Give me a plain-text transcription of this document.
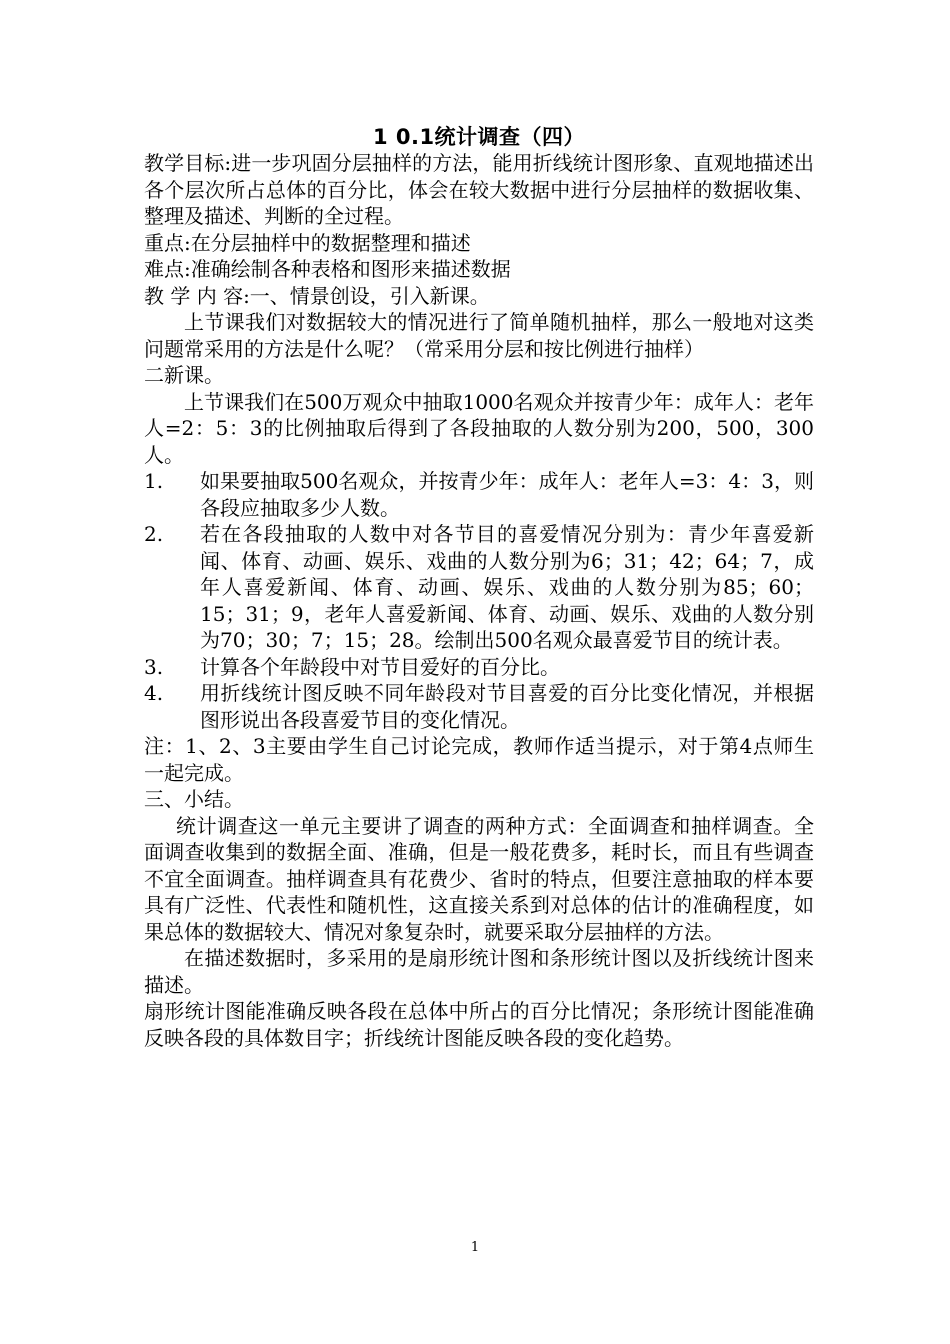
1 0.1统计调查（四）

教学目标:进一步巩固分层抽样的方法，能用折线统计图形象、直观地描述出各个层次所占总体的百分比，体会在较大数据中进行分层抽样的数据收集、整理及描述、判断的全过程。

重点:在分层抽样中的数据整理和描述

难点:准确绘制各种表格和图形来描述数据

教 学 内 容:一、情景创设，引入新课。

上节课我们对数据较大的情况进行了简单随机抽样，那么一般地对这类问题常采用的方法是什么呢？（常采用分层和按比例进行抽样）

二新课。

上节课我们在500万观众中抽取1000名观众并按青少年：成年人：老年人=2：5：3的比例抽取后得到了各段抽取的人数分别为200，500，300人。

1.	如果要抽取500名观众，并按青少年：成年人：老年人=3：4：3，则各段应抽取多少人数。

2.	若在各段抽取的人数中对各节目的喜爱情况分别为：青少年喜爱新闻、体育、动画、娱乐、戏曲的人数分别为6；31；42；64；7，成年人喜爱新闻、体育、动画、娱乐、戏曲的人数分别为85；60；15；31；9，老年人喜爱新闻、体育、动画、娱乐、戏曲的人数分别为70；30；7；15；28。绘制出500名观众最喜爱节目的统计表。

3.	计算各个年龄段中对节目爱好的百分比。

4.	用折线统计图反映不同年龄段对节目喜爱的百分比变化情况，并根据图形说出各段喜爱节目的变化情况。

注：1、2、3主要由学生自己讨论完成，教师作适当提示，对于第4点师生一起完成。

三、小结。

统计调查这一单元主要讲了调查的两种方式：全面调查和抽样调查。全面调查收集到的数据全面、准确，但是一般花费多，耗时长，而且有些调查不宜全面调查。抽样调查具有花费少、省时的特点，但要注意抽取的样本要具有广泛性、代表性和随机性，这直接关系到对总体的估计的准确程度，如果总体的数据较大、情况对象复杂时，就要采取分层抽样的方法。

在描述数据时，多采用的是扇形统计图和条形统计图以及折线统计图来描述。

扇形统计图能准确反映各段在总体中所占的百分比情况；条形统计图能准确反映各段的具体数目字；折线统计图能反映各段的变化趋势。

1
